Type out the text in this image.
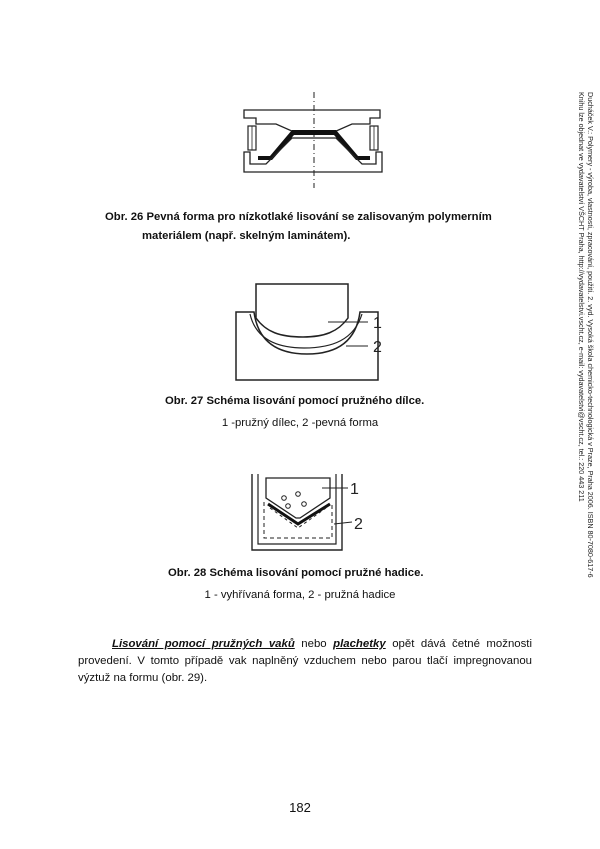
Obr. 26 Pevná forma pro nízkotlaké lisování se zalisovaným polymerním
materiálem (např. skelným laminátem).
1
2
Obr. 27 Schéma lisování pomocí pružného dílce.
1 -pružný dílec, 2 -pevná forma
1
2
Obr. 28 Schéma lisování pomocí pružné hadice.
1 - vyhřívaná forma, 2 - pružná hadice
Lisování pomocí pružných vaků nebo plachetky opět dává četné možnosti provedení. V tomto případě vak naplněný vzduchem nebo parou tlačí impregnovanou výztuž na formu (obr. 29).
182
Ducháček V.: Polymery - výroba, vlastnosti, zpracování, použití. 2. vyd. Vysoká škola chemicko-technologická v Praze, Praha 2006. ISBN 80-7080-617-6
Knihu lze objednat ve vydavatelství VŠCHT Praha, http://vydavatelstvi.vscht.cz, e-mail: vydavatelstvi@vscht.cz, tel.: 220 443 211
